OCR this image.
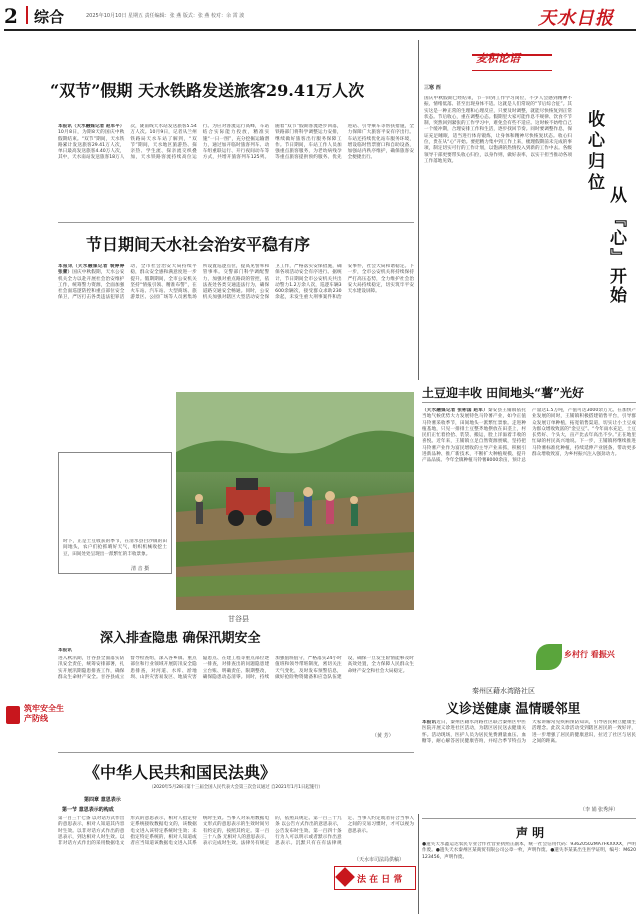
2 综合	2025年10月10日 星期五 责任编辑：张 燕 版式：张 燕 校对：余 霄 波	天水日报
“双节”假期 天水铁路发送旅客29.41万人次
本报讯（天水融媒记者 赵军平）10月8日，为期8天的国庆中秋假期结束。“双节”期间，天水铁路累计发送旅客29.41万人次，单日最高发送旅客4.40万人次，其中，天水南站发送旅客18万人次，陇南线天水站发送旅客5.54万人次。10月9日，记者从兰州铁路局天水车站了解到，“双节”期间，天水地区旅游热、探亲热、学生流、探亲流交织叠加，天水铁路客流持续高位运行。为应对客流运行高峰，车站结合实际能力投放，精准实施“一日一图”，充分挖掘运输潜力，通过加开临时旅客列车、动车组重联运行、开行夜间动车等方式，共增开旅客列车125列。随着“双节”假期客流逐步回落，铁路部门将科学调整运力安排，继续做好旅客出行服务保障工作。节日期间，车站工作人员加强重点旅客服务，为老幼病残孕等重点旅客提供预约服务、优先进站、引导乘车等帮扶措施，全力保障广大旅客平安有序出行。车站还持续优化站车服务环境，增设临时售票窗口和自助设备，加强站内秩序维护，确保旅客安全便捷出行。
节日期间天水社会治安平稳有序
本报讯（天水融媒记者 裴婷婷 张蕾）国庆中秋假期，天水公安机关全力以赴开展社会治安维护工作，统筹警力资源，全面加强社会面巡逻防控和重点部位安全保卫，严厉打击各类违法犯罪活动，全市社会治安大局持续平稳，群众安全感和满意度进一步提升。假期期间，全市公安机关坚持“情报引领、精准布警”，在火车站、汽车站、大型商场、旅游景区、公园广场等人员密集场所设置巡逻点位，提高见警率和管事率。交警部门科学调配警力，加强对重点路段的管控，依法查处各类交通违法行为，确保道路交通安全畅通。同时，公安机关加强对辖区大型活动安全保卫工作，严格落实安保措施，确保各项活动安全有序进行。据统计，节日期间全市公安机关共出动警力1.2万余人次，巡逻车辆3600余辆次，接受群众求助230余起，未发生重大刑事案件和治安事件，社会大局和谐稳定。下一步，全市公安机关将持续保持严打高压态势，全力维护社会治安大局持续稳定，切实筑牢平安天水建设屏障。
麦积论语
三寒 西
国庆中秋假期已经结束，节一回到工作学习岗位，不少人会感到精神不振、情绪低落、甚至出现身体不适。这就是人们常说的“节后综合征”。其实这是一种正常的生理和心理反应，只要及时调整，就能尽快恢复到正常状态。节后收心，重在调整心态。假期里大家可能作息不规律、饮食不节制，突然回到紧张的工作学习中，难免会有些不适应。这时候不妨给自己一个缓冲期，合理安排工作和生活，逐步找回节奏。同时要调整作息，保证充足睡眠，适当进行体育锻炼，让身体和精神尽快恢复状态。收心归位，贵在从“心”开始。要把精力集中到工作上来，梳理假期前未完成的事项，制定切实可行的工作计划，以饱满的热情投入到新的工作中去。各级领导干部更要带头收心归位，以身作则，做好表率，以实干担当推动各项工作落地见效。	收心归位
从
『心』开始
时下，正是土豆收获的季节，在清水县白沙镇的田间地头，农户们抢抓晴好天气，组织机械收挖土豆，田间处处呈现出一派繁忙的丰收景象。
清 音 摄
土豆迎丰收 田间地头“薯”光好
（天水融媒记者 张彬国 赵军）秦安县王铺镇依托当地气候优势大力发展特色马铃薯产业，如今正值马铃薯采收季节，田间地头一派繁忙景象。走进种植基地，只见一排排土豆整齐地摆放在田垄上，村民们正忙着捡拾、装袋、搬运，脸上洋溢着丰收的喜悦。近年来，王铺镇立足自然资源禀赋，坚持把马铃薯产业作为富民增收的主导产业来抓，积极引进新品种、推广新技术，不断扩大种植规模、提升产品品质。今年全镇种植马铃薯8000余亩，预计总产量达1.5万吨，产值可达3000余万元。在加快产业发展的同时，王铺镇积极搭建销售平台，引导群众发展订单种植，拓宽销售渠道，切实让小土豆成为群众增收致富的“金豆豆”。“今年雨水充足，土豆长势好、个头大，亩产比去年高出不少。”正在地里忙碌的村民高兴地说。下一步，王铺镇将继续推进马铃薯标准化种植，持续延伸产业链条，带动更多群众增收致富，为乡村振兴注入强劲动力。
甘谷县
深入排查隐患 确保汛期安全
本报讯
进入秋汛期，甘谷县全面落实防汛安全责任，统筹安排部署，扎实开展汛期隐患排查工作，确保群众生命财产安全。甘谷县成立督导检查组，深入各乡镇、重点部位和行业领域开展防汛安全隐患排查，对河道、水库、淤地坝、山洪灾害易发区、地质灾害隐患点、在建工程等重点部位逐一排查，对排查出的问题隐患建立台账、明确责任、限期整改，确保隐患动态清零。同时，持续加强值班值守，严格落实24小时值班和领导带班制度，密切关注天气变化，及时发布预警信息，做好抢险物资储备和应急队伍建设，确保一旦发生险情能够及时高效处置，全力保障人民群众生命财产安全和社会大局稳定。
（黄 芳）
筑牢安全生产防线
乡村行 看振兴
秦州区藉水湾路社区
义诊送健康 温情暖邻里
本报讯近日，秦州区藉水湾路社区联合秦州区中医医院开展义诊进社区活动，为辖区居民送去健康关怀。活动现场，医护人员为居民免费测量血压、血糖等，耐心解答居民健康咨询，并结合季节特点为大家讲解常见疾病预防知识，引导居民树立健康生活理念。此次义诊活动受到辖区居民的一致好评，进一步增强了居民的健康意识，拉近了社区与居民之间的距离。
（李 娟 张秀萍）
《中华人民共和国民法典》
（2020年5月28日第十三届全国人民代表大会第三次会议通过 自2021年1月1日起施行）
第四章 意思表示
第一节 意思表示的构成
第一百三十七条 以对话方式作出的意思表示，相对人知道其内容时生效。以非对话方式作出的意思表示，到达相对人时生效。以非对话方式作出的采用数据电文形式的意思表示，相对人指定特定系统接收数据电文的，该数据电文进入该特定系统时生效；未指定特定系统的，相对人知道或者应当知道该数据电文进入其系统时生效。当事人对采用数据电文形式的意思表示的生效时间另有约定的，按照其约定。第一百三十八条 无相对人的意思表示，表示完成时生效。法律另有规定的，依照其规定。第一百三十九条 以公告方式作出的意思表示，公告发布时生效。第一百四十条 行为人可以明示或者默示作出意思表示。沉默只有在有法律规定、当事人约定或者符合当事人之间的交易习惯时，才可以视为意思表示。
（天水市司法局供稿）
法 在 日 常
声 明
●遗失天水鑫运达农民专业合作社营业执照正副本，统一社会信用代码：93620502MA7FKXXXX，声明作废。●遗失天水秦州区某商贸有限公司公章一枚，声明作废。●遗失李某某出生医学证明，编号：M620123456，声明作废。
